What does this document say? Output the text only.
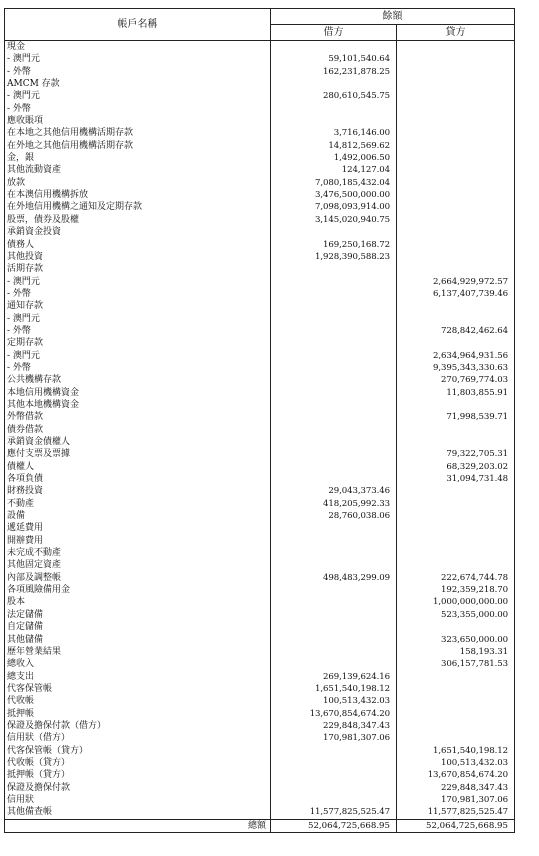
帳戶名稱	餘額	
	借方	貸方
現金		
- 澳門元	59,101,540.64	
- 外幣	162,231,878.25	
AMCM 存款		
- 澳門元	280,610,545.75	
- 外幣		
應收賬項		
在本地之其他信用機構活期存款	3,716,146.00	
在外地之其他信用機構活期存款	14,812,569.62	
金，銀	1,492,006.50	
其他流動資產	124,127.04	
放款	7,080,185,432.04	
在本澳信用機構拆放	3,476,500,000.00	
在外地信用機構之通知及定期存款	7,098,093,914.00	
股票，債券及股權	3,145,020,940.75	
承銷資金投資		
債務人	169,250,168.72	
其他投資	1,928,390,588.23	
活期存款		
- 澳門元		2,664,929,972.57
- 外幣		6,137,407,739.46
通知存款		
- 澳門元		
- 外幣		728,842,462.64
定期存款		
- 澳門元		2,634,964,931.56
- 外幣		9,395,343,330.63
公共機構存款		270,769,774.03
本地信用機構資金		11,803,855.91
其他本地機構資金		
外幣借款		71,998,539.71
債券借款		
承銷資金債權人		
應付支票及票據		79,322,705.31
債權人		68,329,203.02
各項負債		31,094,731.48
財務投資	29,043,373.46	
不動產	418,205,992.33	
設備	28,760,038.06	
遞延費用		
開辦費用		
未完成不動產		
其他固定資產		
內部及調整帳	498,483,299.09	222,674,744.78
各項風險備用金		192,359,218.70
股本		1,000,000,000.00
法定儲備		523,355,000.00
自定儲備		
其他儲備		323,650,000.00
歷年營業結果		158,193.31
總收入		306,157,781.53
總支出	269,139,624.16	
代客保管帳	1,651,540,198.12	
代收帳	100,513,432.03	
抵押帳	13,670,854,674.20	
保證及擔保付款（借方）	229,848,347.43	
信用狀（借方）	170,981,307.06	
代客保管帳（貸方）		1,651,540,198.12
代收帳（貸方）		100,513,432.03
抵押帳（貸方）		13,670,854,674.20
保證及擔保付款		229,848,347.43
信用狀		170,981,307.06
其他備查帳	11,577,825,525.47	11,577,825,525.47
總額	52,064,725,668.95	52,064,725,668.95
